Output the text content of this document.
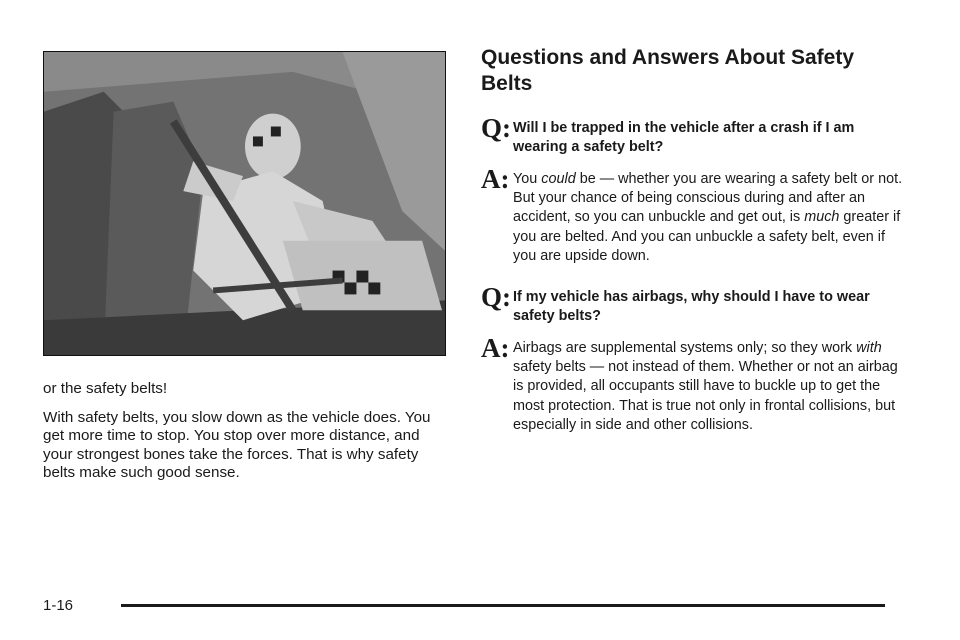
or the safety belts!

With safety belts, you slow down as the vehicle does. You get more time to stop. You stop over more distance, and your strongest bones take the forces. That is why safety belts make such good sense.

Questions and Answers About Safety Belts
Q: Will I be trapped in the vehicle after a crash if I am wearing a safety belt?
A: You could be — whether you are wearing a safety belt or not. But your chance of being conscious during and after an accident, so you can unbuckle and get out, is much greater if you are belted. And you can unbuckle a safety belt, even if you are upside down.
Q: If my vehicle has airbags, why should I have to wear safety belts?
A: Airbags are supplemental systems only; so they work with safety belts — not instead of them. Whether or not an airbag is provided, all occupants still have to buckle up to get the most protection. That is true not only in frontal collisions, but especially in side and other collisions.
1-16
